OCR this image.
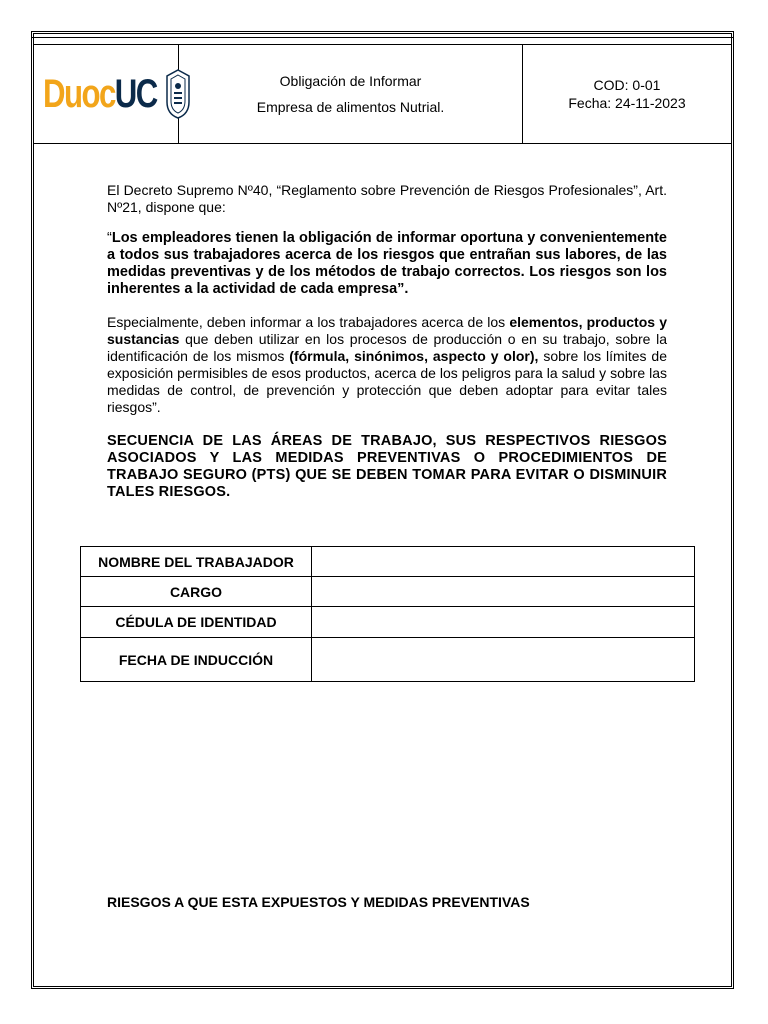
DuocUC	Obligación de Informar
Empresa de alimentos Nutrial.
COD: 0-01
Fecha: 24-11-2023

El Decreto Supremo Nº40, “Reglamento sobre Prevención de Riesgos Profesionales”, Art. Nº21, dispone que:

“Los empleadores tienen la obligación de informar oportuna y convenientemente a todos sus trabajadores acerca de los riesgos que entrañan sus labores, de las medidas preventivas y de los métodos de trabajo correctos. Los riesgos son los inherentes a la actividad de cada empresa”.

Especialmente, deben informar a los trabajadores acerca de los elementos, productos y sustancias que deben utilizar en los procesos de producción o en su trabajo, sobre la identificación de los mismos (fórmula, sinónimos, aspecto y olor), sobre los límites de exposición permisibles de esos productos, acerca de los peligros para la salud y sobre las medidas de control, de prevención y protección que deben adoptar para evitar tales riesgos”.

SECUENCIA DE LAS ÁREAS DE TRABAJO, SUS RESPECTIVOS RIESGOS ASOCIADOS Y LAS MEDIDAS PREVENTIVAS O PROCEDIMIENTOS DE TRABAJO SEGURO (PTS) QUE SE DEBEN TOMAR PARA EVITAR O DISMINUIR TALES RIESGOS.

NOMBRE DEL TRABAJADOR	
CARGO	
CÉDULA DE IDENTIDAD	
FECHA DE INDUCCIÓN	
RIESGOS A QUE ESTA EXPUESTOS Y MEDIDAS PREVENTIVAS
